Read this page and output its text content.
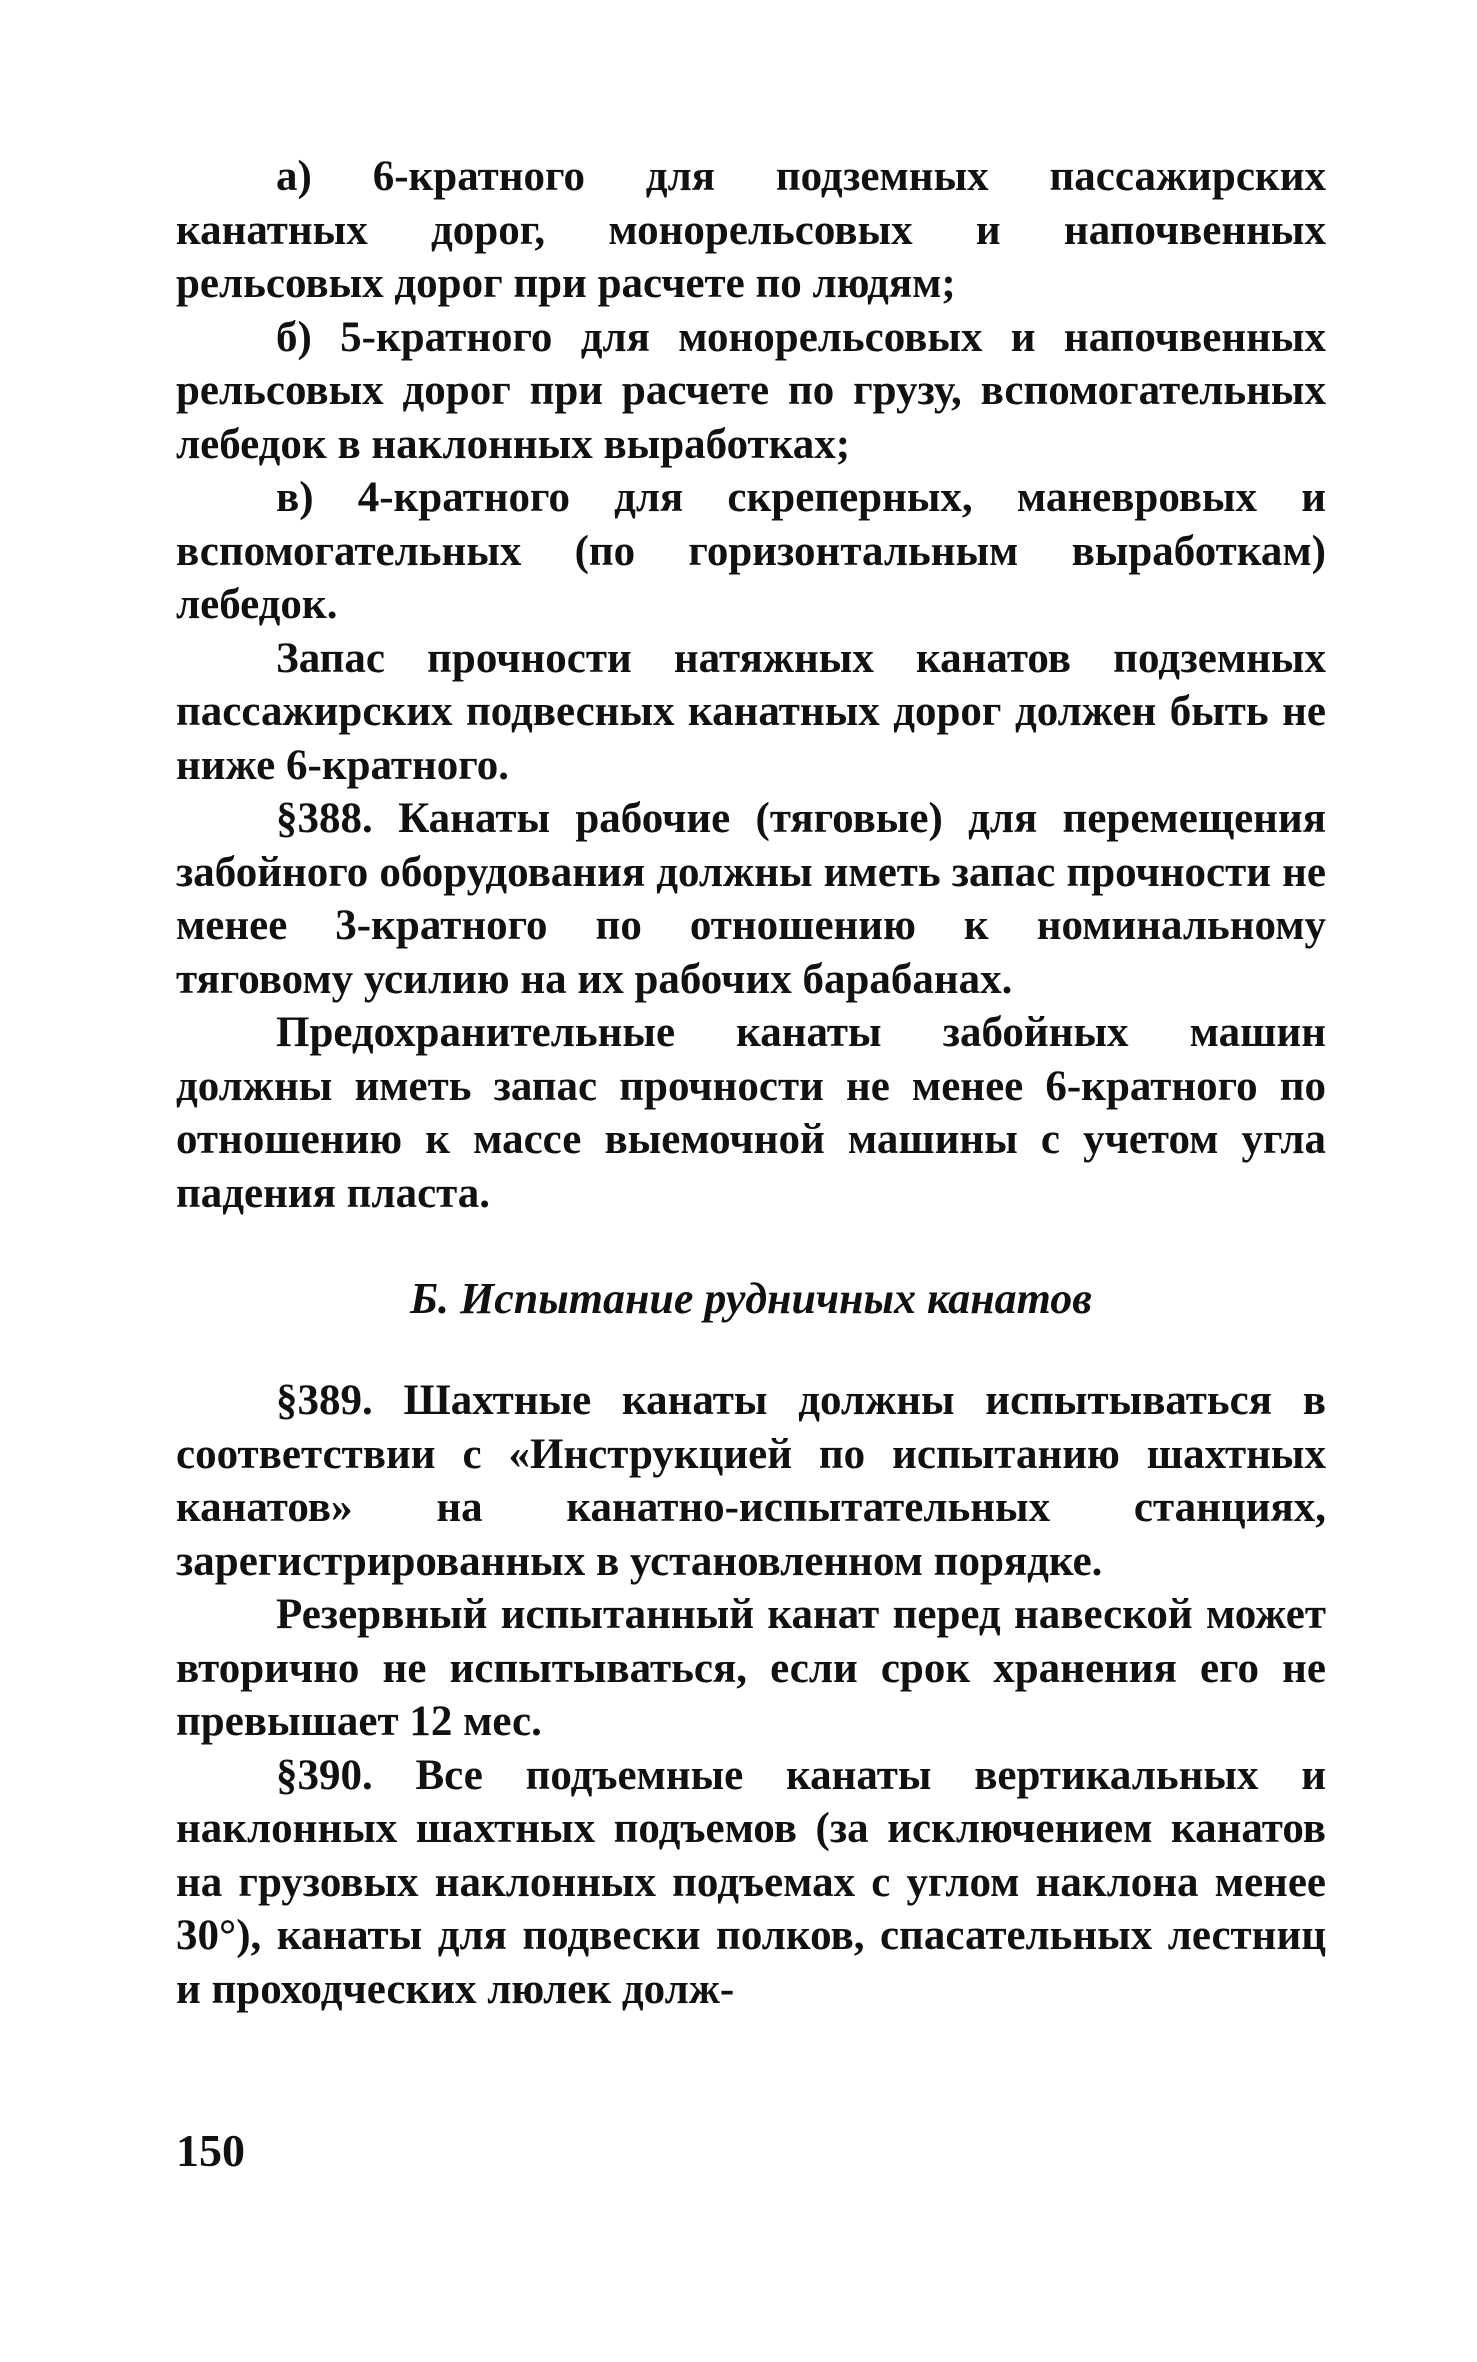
а) 6-кратного для подземных пассажирских канатных дорог, монорельсовых и напочвенных рельсовых дорог при расчете по людям;

б) 5-кратного для монорельсовых и напочвенных рельсовых дорог при расчете по грузу, вспомогательных лебедок в наклонных выработках;

в) 4-кратного для скреперных, маневровых и вспомогательных (по горизонтальным выработкам) лебедок.

Запас прочности натяжных канатов подземных пассажирских подвесных канатных дорог должен быть не ниже 6-кратного.

§388. Канаты рабочие (тяговые) для перемещения забойного оборудования должны иметь запас прочности не менее 3-кратного по отношению к номинальному тяговому усилию на их рабочих барабанах.

Предохранительные канаты забойных машин должны иметь запас прочности не менее 6-кратного по отношению к массе выемочной машины с учетом угла падения пласта.

Б. Испытание рудничных канатов

§389. Шахтные канаты должны испытываться в соответствии с «Инструкцией по испытанию шахтных канатов» на канатно-испытательных станциях, зарегистрированных в установленном порядке.

Резервный испытанный канат перед навеской может вторично не испытываться, если срок хранения его не превышает 12 мес.

§390. Все подъемные канаты вертикальных и наклонных шахтных подъемов (за исключением канатов на грузовых наклонных подъемах с углом наклона менее 30°), канаты для подвески полков, спасательных лестниц и проходческих люлек долж-

150
